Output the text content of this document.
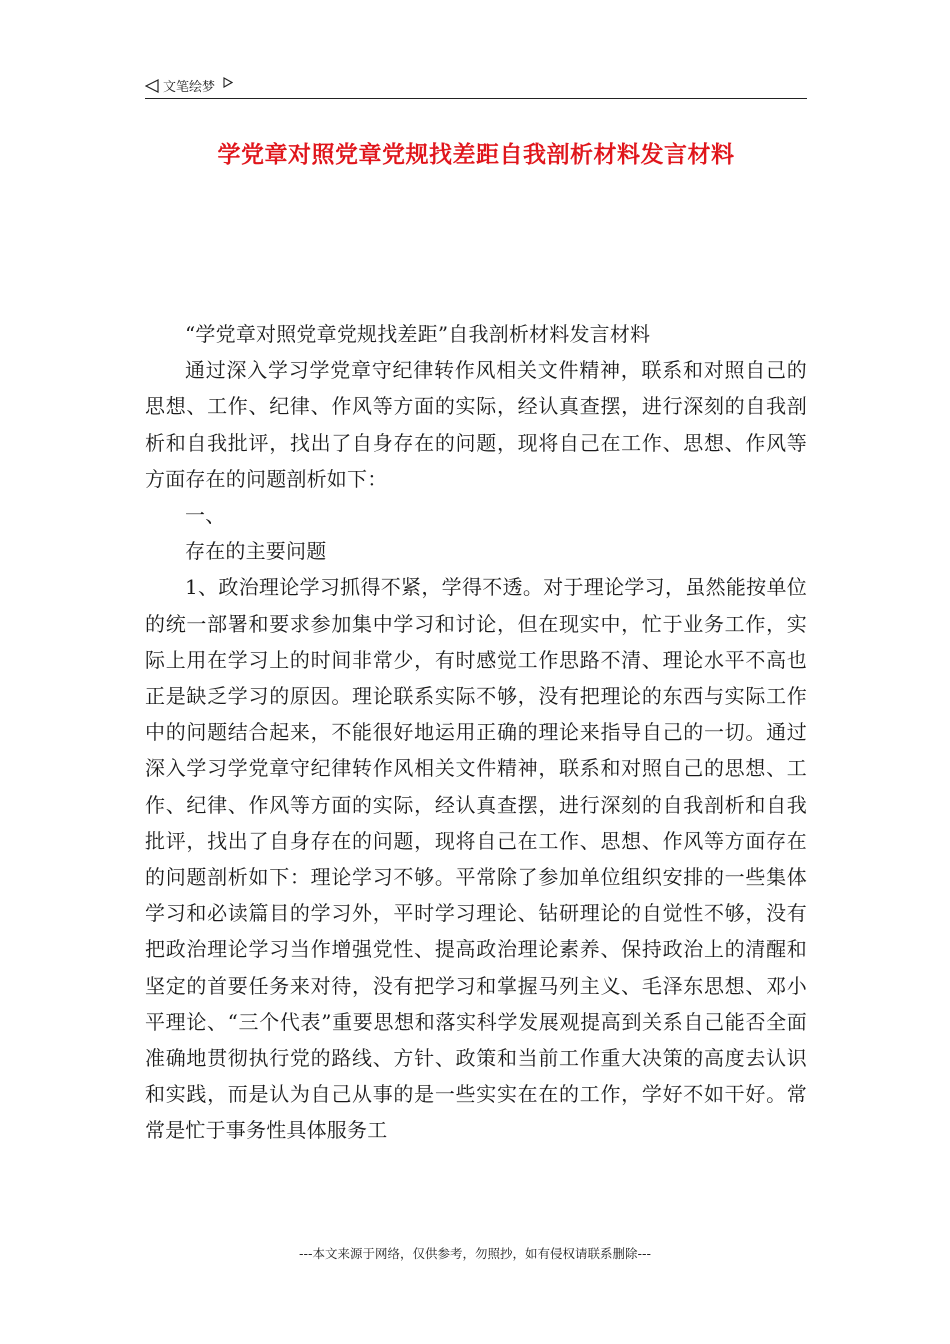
文笔绘梦
学党章对照党章党规找差距自我剖析材料发言材料

“学党章对照党章党规找差距”自我剖析材料发言材料

通过深入学习学党章守纪律转作风相关文件精神，联系和对照自己的思想、工作、纪律、作风等方面的实际，经认真查摆，进行深刻的自我剖析和自我批评，找出了自身存在的问题，现将自己在工作、思想、作风等方面存在的问题剖析如下：

一、

存在的主要问题

1、政治理论学习抓得不紧，学得不透。对于理论学习，虽然能按单位的统一部署和要求参加集中学习和讨论，但在现实中，忙于业务工作，实际上用在学习上的时间非常少，有时感觉工作思路不清、理论水平不高也正是缺乏学习的原因。理论联系实际不够，没有把理论的东西与实际工作中的问题结合起来，不能很好地运用正确的理论来指导自己的一切。通过深入学习学党章守纪律转作风相关文件精神，联系和对照自己的思想、工作、纪律、作风等方面的实际，经认真查摆，进行深刻的自我剖析和自我批评，找出了自身存在的问题，现将自己在工作、思想、作风等方面存在的问题剖析如下：理论学习不够。平常除了参加单位组织安排的一些集体学习和必读篇目的学习外，平时学习理论、钻研理论的自觉性不够，没有把政治理论学习当作增强党性、提高政治理论素养、保持政治上的清醒和坚定的首要任务来对待，没有把学习和掌握马列主义、毛泽东思想、邓小平理论、“三个代表”重要思想和落实科学发展观提高到关系自己能否全面准确地贯彻执行党的路线、方针、政策和当前工作重大决策的高度去认识和实践，而是认为自己从事的是一些实实在在的工作，学好不如干好。常常是忙于事务性具体服务工

---本文来源于网络，仅供参考，勿照抄，如有侵权请联系删除---
